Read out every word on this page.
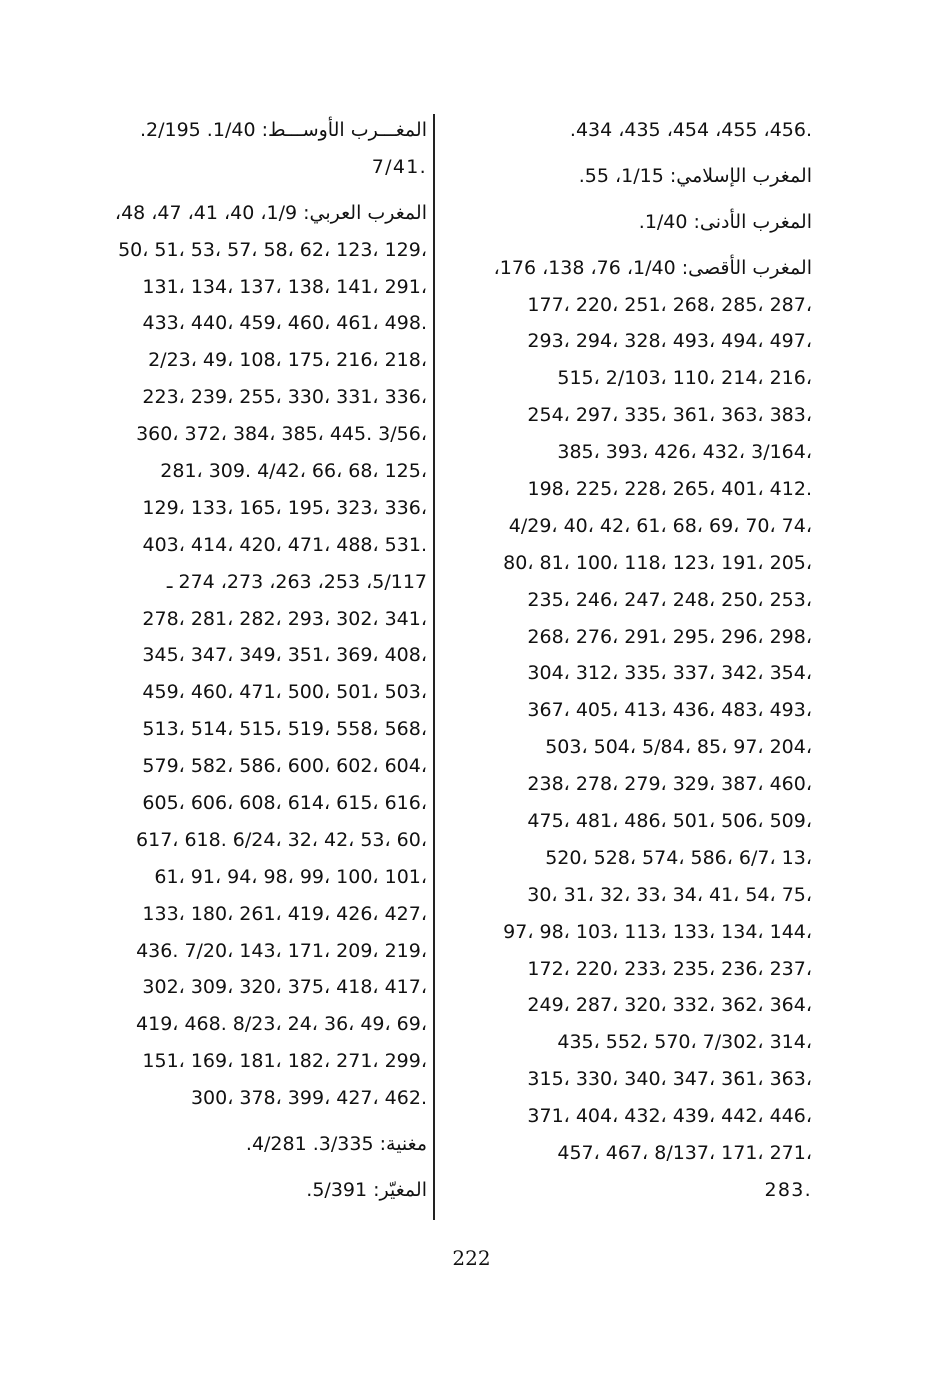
.434 ،435 ،454 ،455 ،456.
المغرب الإسلامي: 1/15، 55.
المغرب الأدنى: 1/40.
المغرب الأقصى: 1/40، 76، 138، 176،
177، 220، 251، 268، 285، 287،
293، 294، 328، 493، 494، 497،
515، 2/103، 110، 214، 216،
254، 297، 335، 361، 363، 383،
385، 393، 426، 432، 3/164،
198، 225، 228، 265، 401، 412.
4/29، 40، 42، 61، 68، 69، 70، 74،
80، 81، 100، 118، 123، 191، 205،
235، 246، 247، 248، 250، 253،
268، 276، 291، 295، 296، 298،
304، 312، 335، 337، 342، 354،
367، 405، 413، 436، 483، 493،
503، 504، 5/84، 85، 97، 204،
238، 278، 279، 329، 387، 460،
475، 481، 486، 501، 506، 509،
520، 528، 574، 586، 6/7، 13،
30، 31، 32، 33، 34، 41، 54، 75،
97، 98، 103، 113، 133، 134، 144،
172، 220، 233، 235، 236، 237،
249، 287، 320، 332، 362، 364،
435، 552، 570، 7/302، 314،
315، 330، 340، 347، 361، 363،
371، 404، 432، 439، 442، 446،
457، 467، 8/137، 171، 271،
283.
المغـــرب الأوســـط: 1/40. 2/195.
7/41.
المغرب العربي: 1/9، 40، 41، 47، 48،
50، 51، 53، 57، 58، 62، 123، 129،
131، 134، 137، 138، 141، 291،
433، 440، 459، 460، 461، 498.
2/23، 49، 108، 175، 216، 218،
223، 239، 255، 330، 331، 336،
360، 372، 384، 385، 445. 3/56،
281، 309. 4/42، 66، 68، 125،
129، 133، 165، 195، 323، 336،
403، 414، 420، 471، 488، 531.
5/117، 253، 263، 273، 274 ـ
278، 281، 282، 293، 302، 341،
345، 347، 349، 351، 369، 408،
459، 460، 471، 500، 501، 503،
513، 514، 515، 519، 558، 568،
579، 582، 586، 600، 602، 604،
605، 606، 608، 614، 615، 616،
617، 618. 6/24، 32، 42، 53، 60،
61، 91، 94، 98، 99، 100، 101،
133، 180، 261، 419، 426، 427،
436. 7/20، 143، 171، 209، 219،
302، 309، 320، 375، 418، 417،
419، 468. 8/23، 24، 36، 49، 69،
151، 169، 181، 182، 271، 299،
300، 378، 399، 427، 462.
مغنية: 3/335. 4/281.
المغيّر: 5/391.
222
